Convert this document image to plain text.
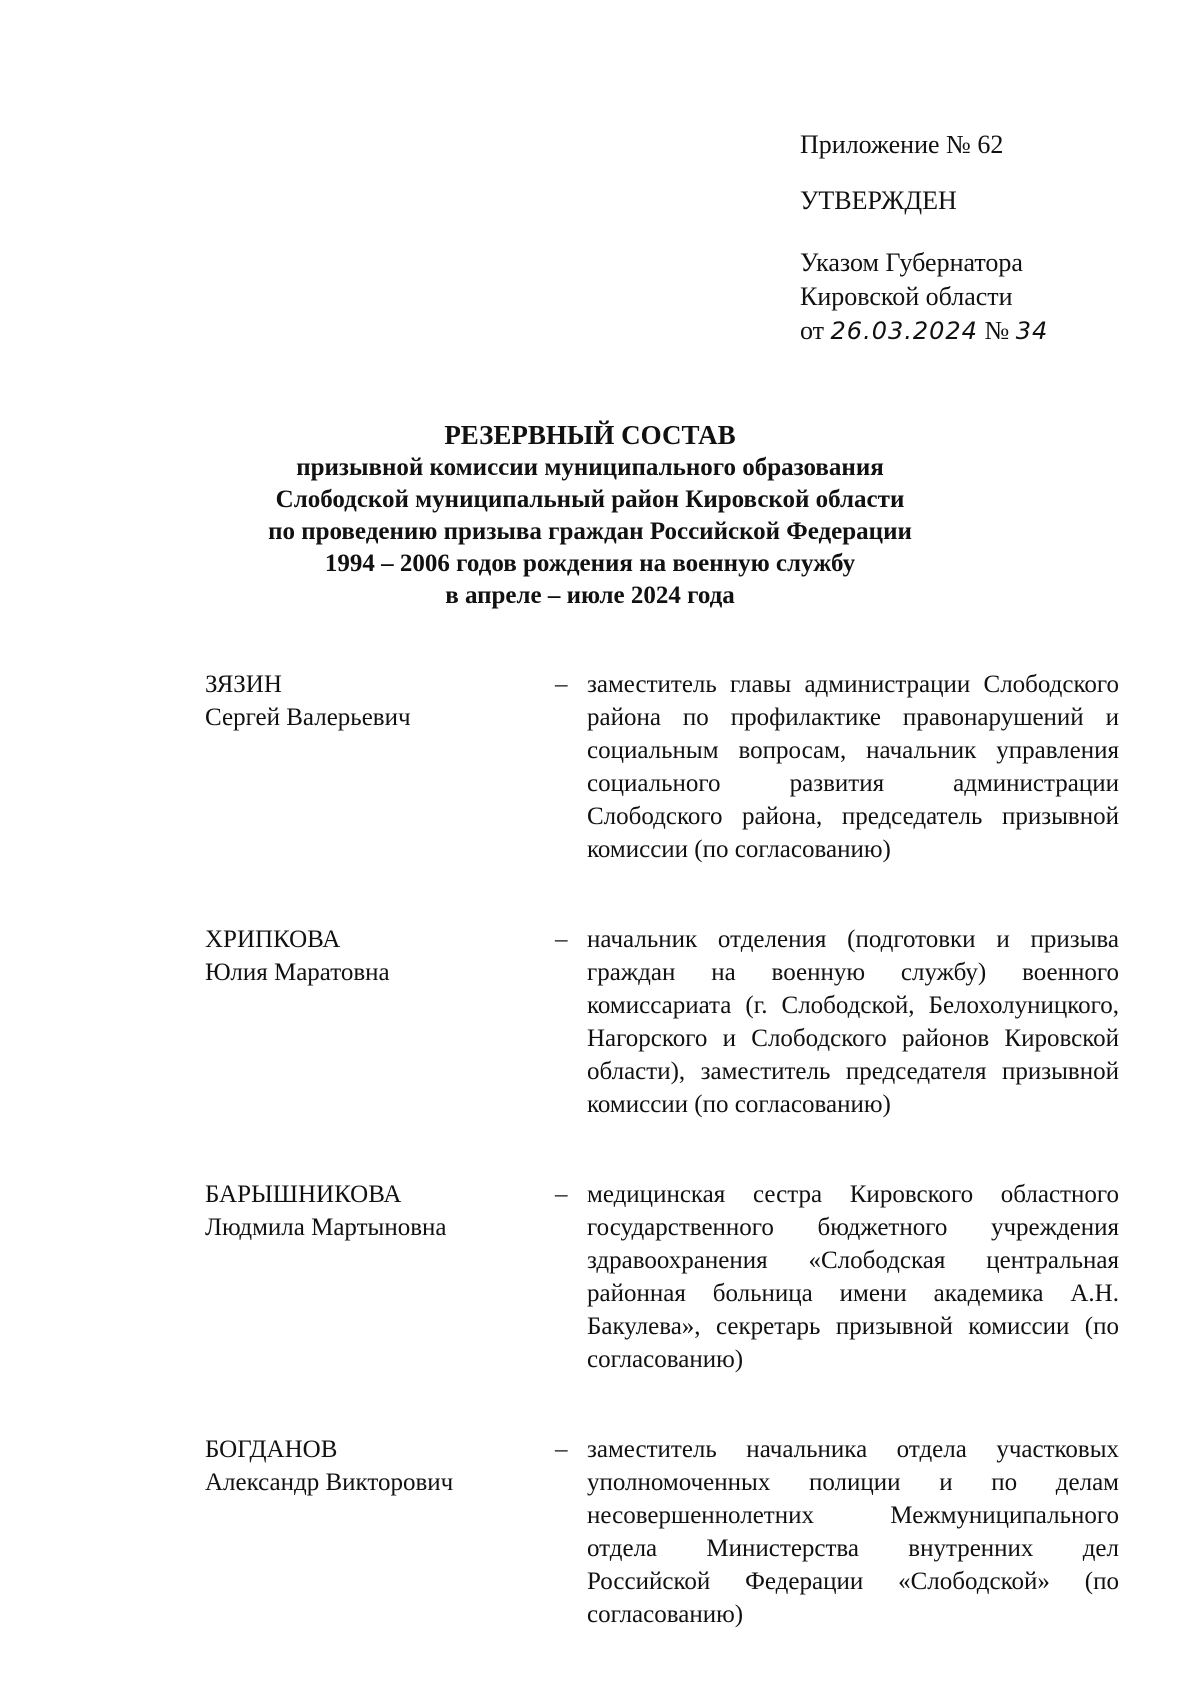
Приложение № 62
УТВЕРЖДЕН
Указом Губернатора
Кировской области
от 26.03.2024 № 34
РЕЗЕРВНЫЙ СОСТАВ
призывной комиссии муниципального образования
Слободской муниципальный район Кировской области
по проведению призыва граждан Российской Федерации
1994 – 2006 годов рождения на военную службу
в апреле – июле 2024 года
ЗЯЗИН
Сергей Валерьевич
– заместитель главы администрации Слободского района по профилактике правонарушений и социальным вопросам, начальник управления социального развития администрации Слободского района, председатель призывной комиссии (по согласованию)
ХРИПКОВА
Юлия Маратовна
– начальник отделения (подготовки и призыва граждан на военную службу) военного комиссариата (г. Слободской, Белохолуницкого, Нагорского и Слободского районов Кировской области), заместитель председателя призывной комиссии (по согласованию)
БАРЫШНИКОВА
Людмила Мартыновна
– медицинская сестра Кировского областного государственного бюджетного учреждения здравоохранения «Слободская центральная районная больница имени академика А.Н. Бакулева», секретарь призывной комиссии (по согласованию)
БОГДАНОВ
Александр Викторович
– заместитель начальника отдела участковых уполномоченных полиции и по делам несовершеннолетних Межмуниципального отдела Министерства внутренних дел Российской Федерации «Слободской» (по согласованию)
